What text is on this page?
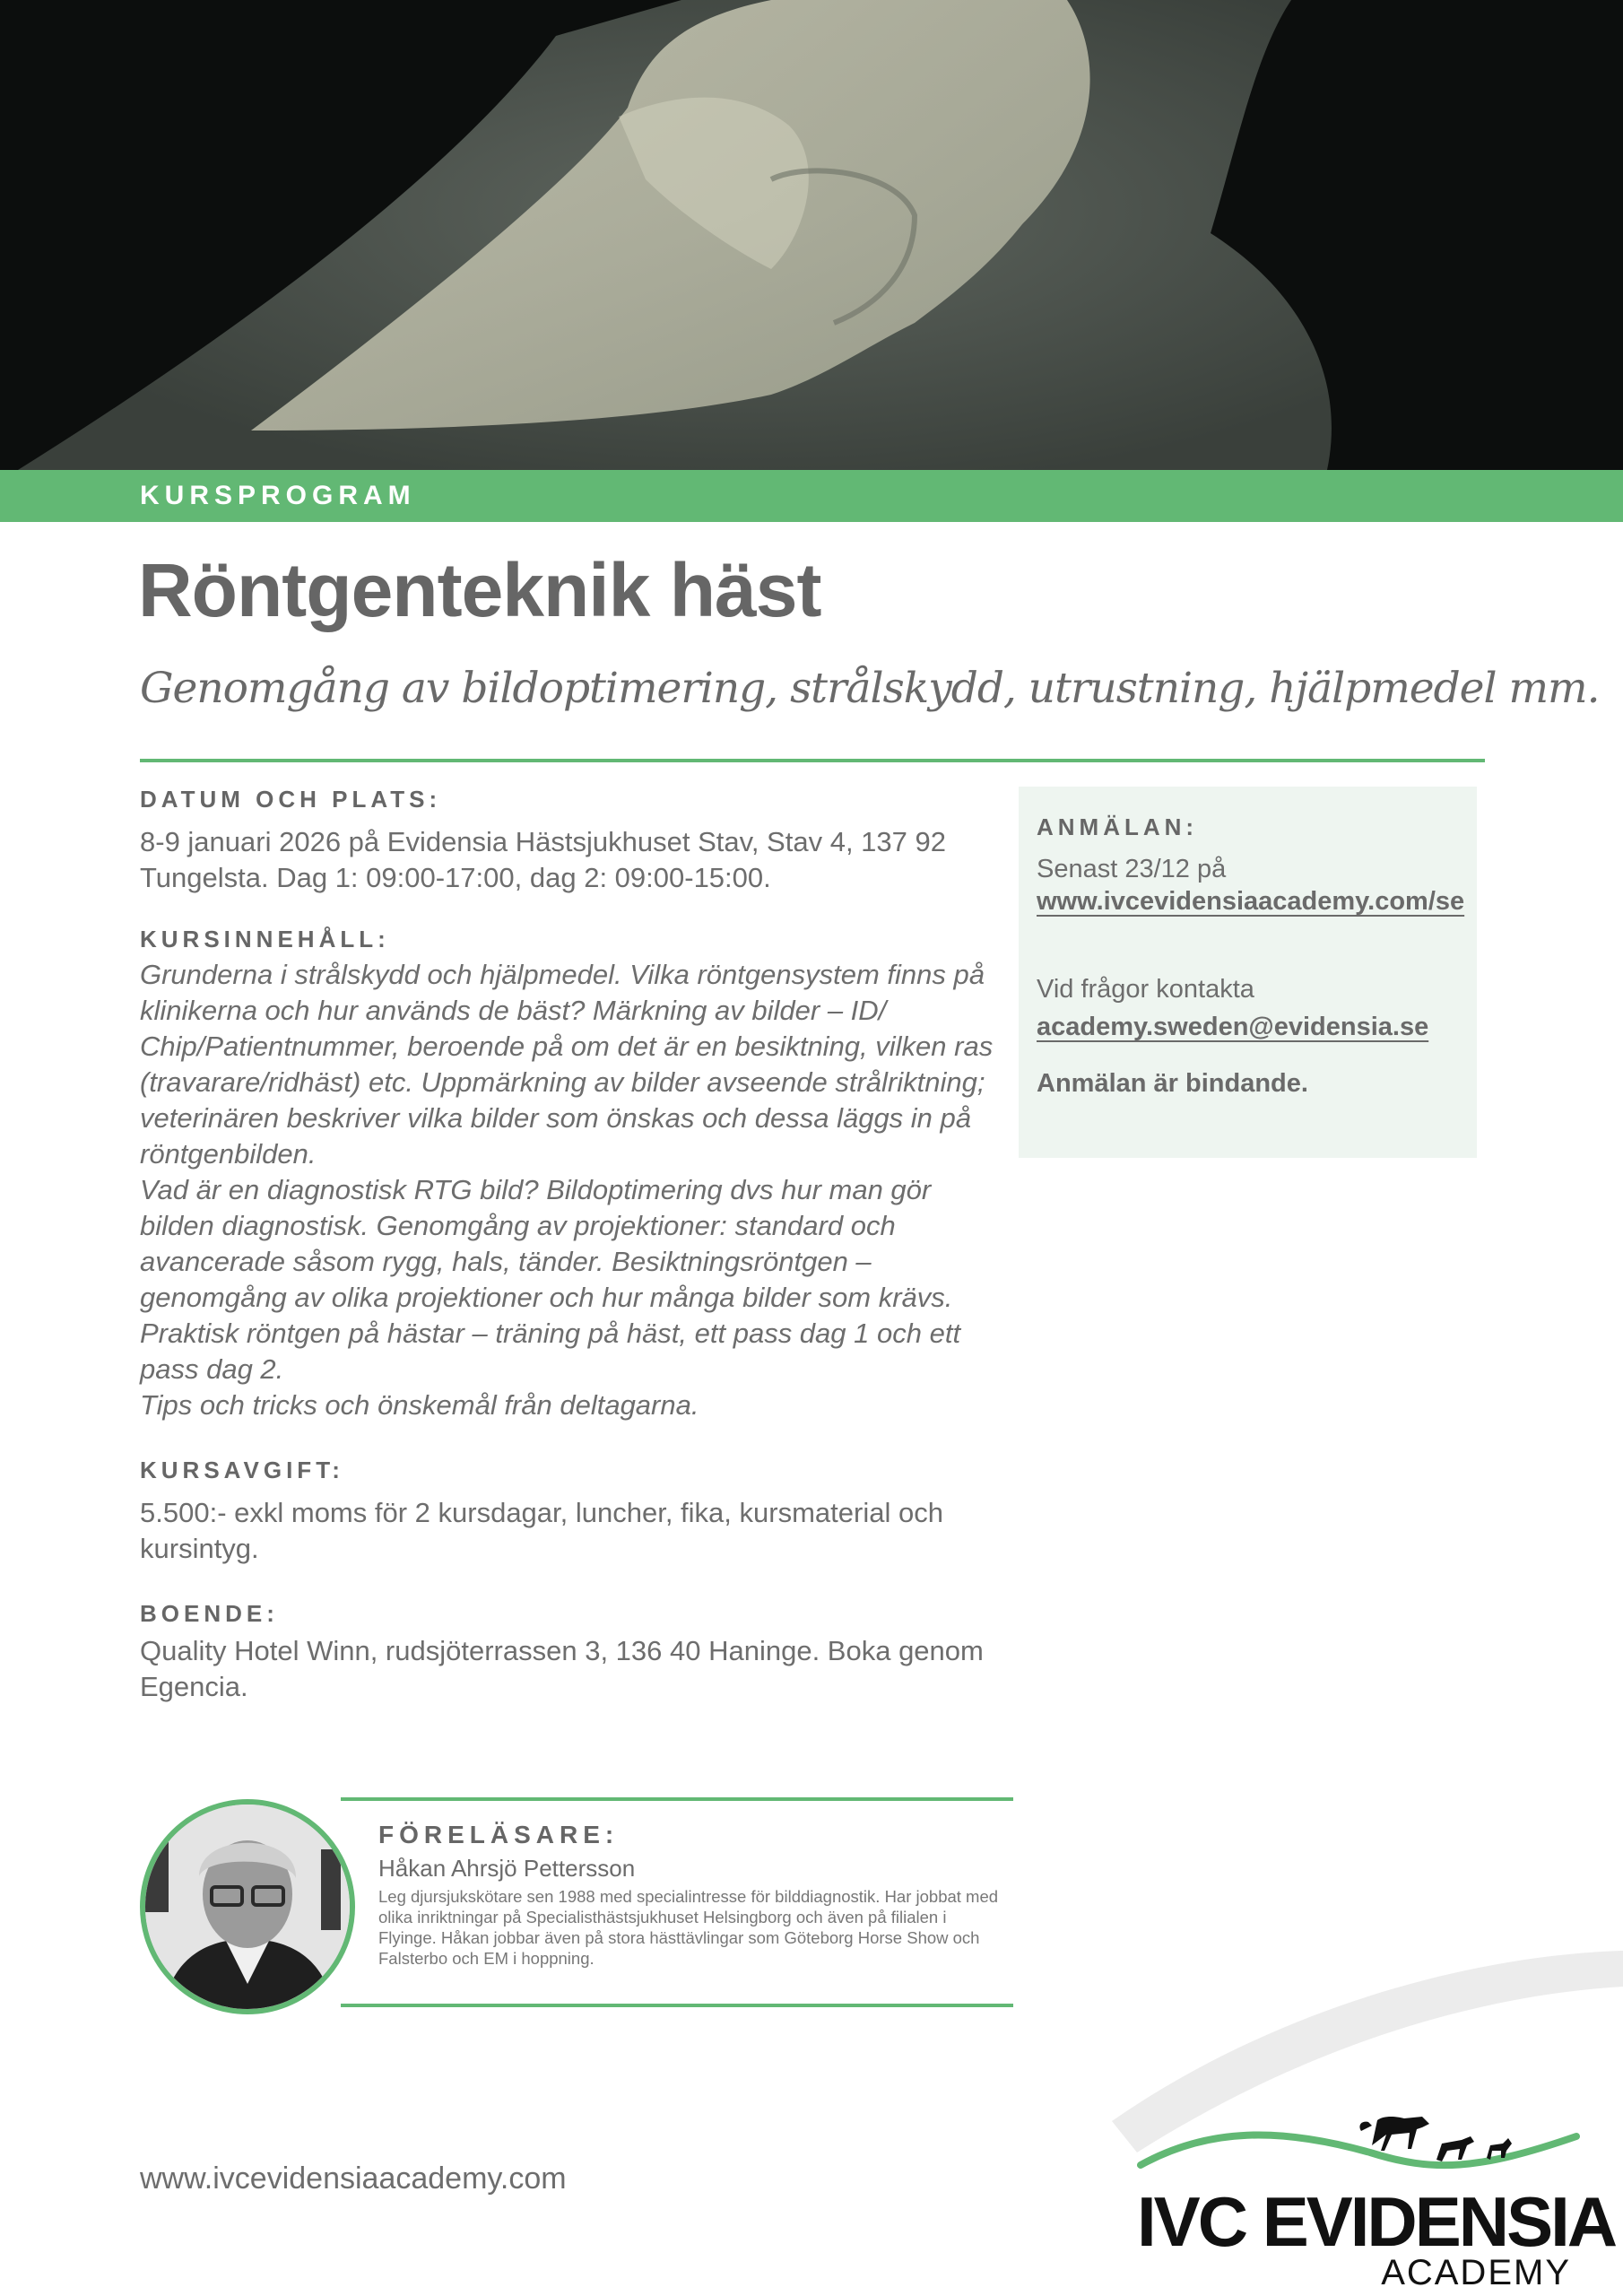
KURSPROGRAM
Röntgenteknik häst
Genomgång av bildoptimering, strålskydd, utrustning, hjälpmedel mm.

DATUM OCH PLATS:

8-9 januari 2026 på Evidensia Hästsjukhuset Stav, Stav 4, 137 92

Tungelsta. Dag 1: 09:00-17:00, dag 2: 09:00-15:00.

KURSINNEHÅLL:

Grunderna i strålskydd och hjälpmedel. Vilka röntgensystem finns på klinikerna och hur används de bäst? Märkning av bilder – ID/ Chip/Patientnummer, beroende på om det är en besiktning, vilken ras (travarare/ridhäst) etc. Uppmärkning av bilder avseende strålriktning; veterinären beskriver vilka bilder som önskas och dessa läggs in på röntgenbilden.

Vad är en diagnostisk RTG bild? Bildoptimering dvs hur man gör bilden diagnostisk. Genomgång av projektioner: standard och avancerade såsom rygg, hals, tänder. Besiktningsröntgen – genomgång av olika projektioner och hur många bilder som krävs.

Praktisk röntgen på hästar – träning på häst, ett pass dag 1 och ett pass dag 2.

Tips och tricks och önskemål från deltagarna.

KURSAVGIFT:

5.500:- exkl moms för 2 kursdagar, luncher, fika, kursmaterial och kursintyg.

BOENDE:

Quality Hotel Winn, rudsjöterrassen 3, 136 40 Haninge. Boka genom Egencia.

ANMÄLAN:

Senast 23/12 på
www.ivcevidensiaacademy.com/se
Vid frågor kontakta
academy.sweden@evidensia.se
Anmälan är bindande.

FÖRELÄSARE:

Håkan Ahrsjö Pettersson
Leg djursjukskötare sen 1988 med specialintresse för bilddiagnostik. Har jobbat med olika inriktningar på Specialisthästsjukhuset Helsingborg och även på filialen i Flyinge. Håkan jobbar även på stora hästtävlingar som Göteborg Horse Show och Falsterbo och EM i hoppning.
www.ivcevidensiaacademy.com
IVC EVIDENSIA
ACADEMY
